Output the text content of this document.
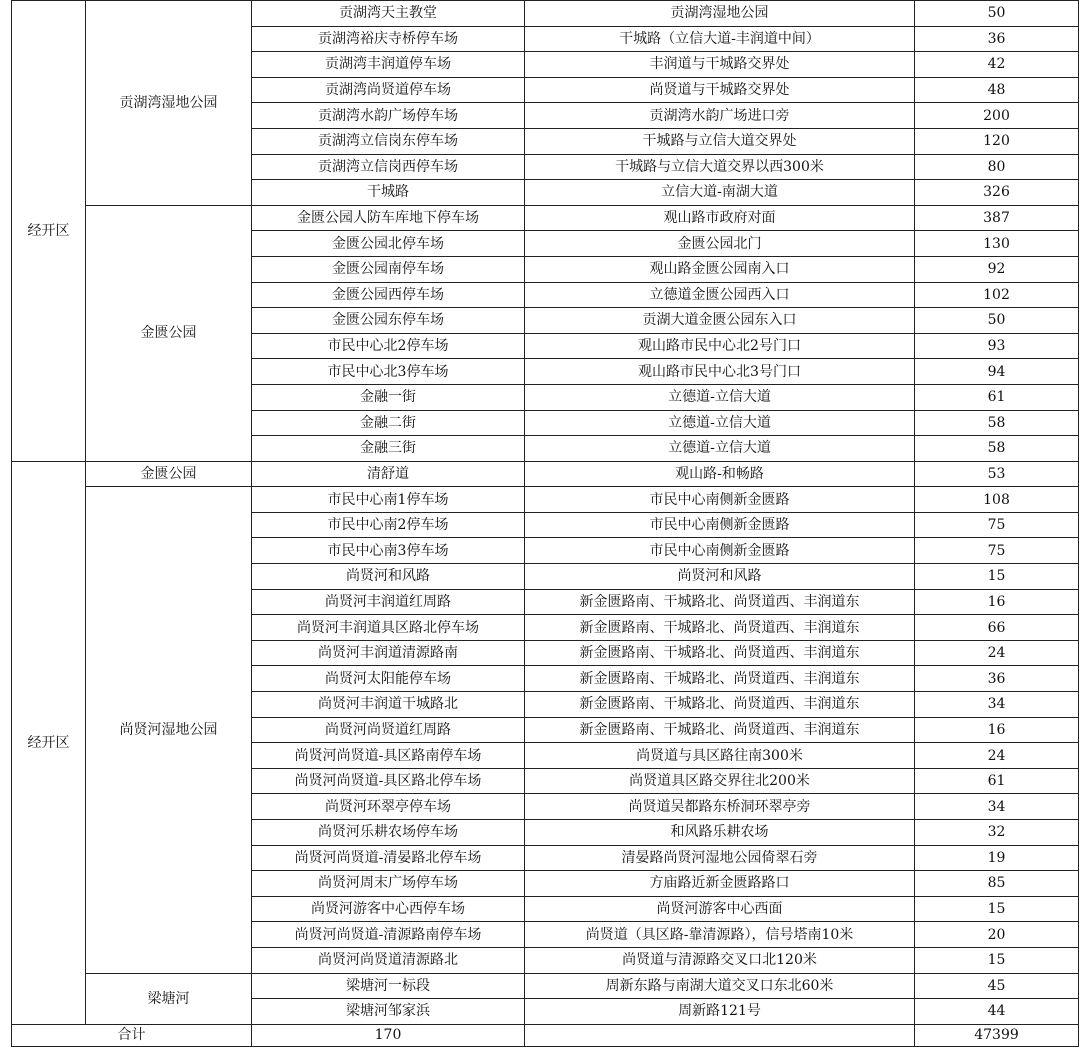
经开区	贡湖湾湿地公园	贡湖湾天主教堂	贡湖湾湿地公园	50
		贡湖湾裕庆寺桥停车场	干城路（立信大道-丰润道中间）	36
		贡湖湾丰润道停车场	丰润道与干城路交界处	42
		贡湖湾尚贤道停车场	尚贤道与干城路交界处	48
		贡湖湾水韵广场停车场	贡湖湾水韵广场进口旁	200
		贡湖湾立信岗东停车场	干城路与立信大道交界处	120
		贡湖湾立信岗西停车场	干城路与立信大道交界以西300米	80
		干城路	立信大道-南湖大道	326
	金匮公园	金匮公园人防车库地下停车场	观山路市政府对面	387
		金匮公园北停车场	金匮公园北门	130
		金匮公园南停车场	观山路金匮公园南入口	92
		金匮公园西停车场	立德道金匮公园西入口	102
		金匮公园东停车场	贡湖大道金匮公园东入口	50
		市民中心北2停车场	观山路市民中心北2号门口	93
		市民中心北3停车场	观山路市民中心北3号门口	94
		金融一街	立德道-立信大道	61
		金融二街	立德道-立信大道	58
		金融三街	立德道-立信大道	58
经开区	金匮公园	清舒道	观山路-和畅路	53
	尚贤河湿地公园	市民中心南1停车场	市民中心南侧新金匮路	108
		市民中心南2停车场	市民中心南侧新金匮路	75
		市民中心南3停车场	市民中心南侧新金匮路	75
		尚贤河和风路	尚贤河和风路	15
		尚贤河丰润道红周路	新金匮路南、干城路北、尚贤道西、丰润道东	16
		尚贤河丰润道具区路北停车场	新金匮路南、干城路北、尚贤道西、丰润道东	66
		尚贤河丰润道清源路南	新金匮路南、干城路北、尚贤道西、丰润道东	24
		尚贤河太阳能停车场	新金匮路南、干城路北、尚贤道西、丰润道东	36
		尚贤河丰润道干城路北	新金匮路南、干城路北、尚贤道西、丰润道东	34
		尚贤河尚贤道红周路	新金匮路南、干城路北、尚贤道西、丰润道东	16
		尚贤河尚贤道-具区路南停车场	尚贤道与具区路往南300米	24
		尚贤河尚贤道-具区路北停车场	尚贤道具区路交界往北200米	61
		尚贤河环翠亭停车场	尚贤道吴都路东桥洞环翠亭旁	34
		尚贤河乐耕农场停车场	和风路乐耕农场	32
		尚贤河尚贤道-清晏路北停车场	清晏路尚贤河湿地公园倚翠石旁	19
		尚贤河周末广场停车场	方庙路近新金匮路路口	85
		尚贤河游客中心西停车场	尚贤河游客中心西面	15
		尚贤河尚贤道-清源路南停车场	尚贤道（具区路-靠清源路），信号塔南10米	20
		尚贤河尚贤道清源路北	尚贤道与清源路交叉口北120米	15
	梁塘河	梁塘河一标段	周新东路与南湖大道交叉口东北60米	45
		梁塘河邹家浜	周新路121号	44
合计		170		47399
